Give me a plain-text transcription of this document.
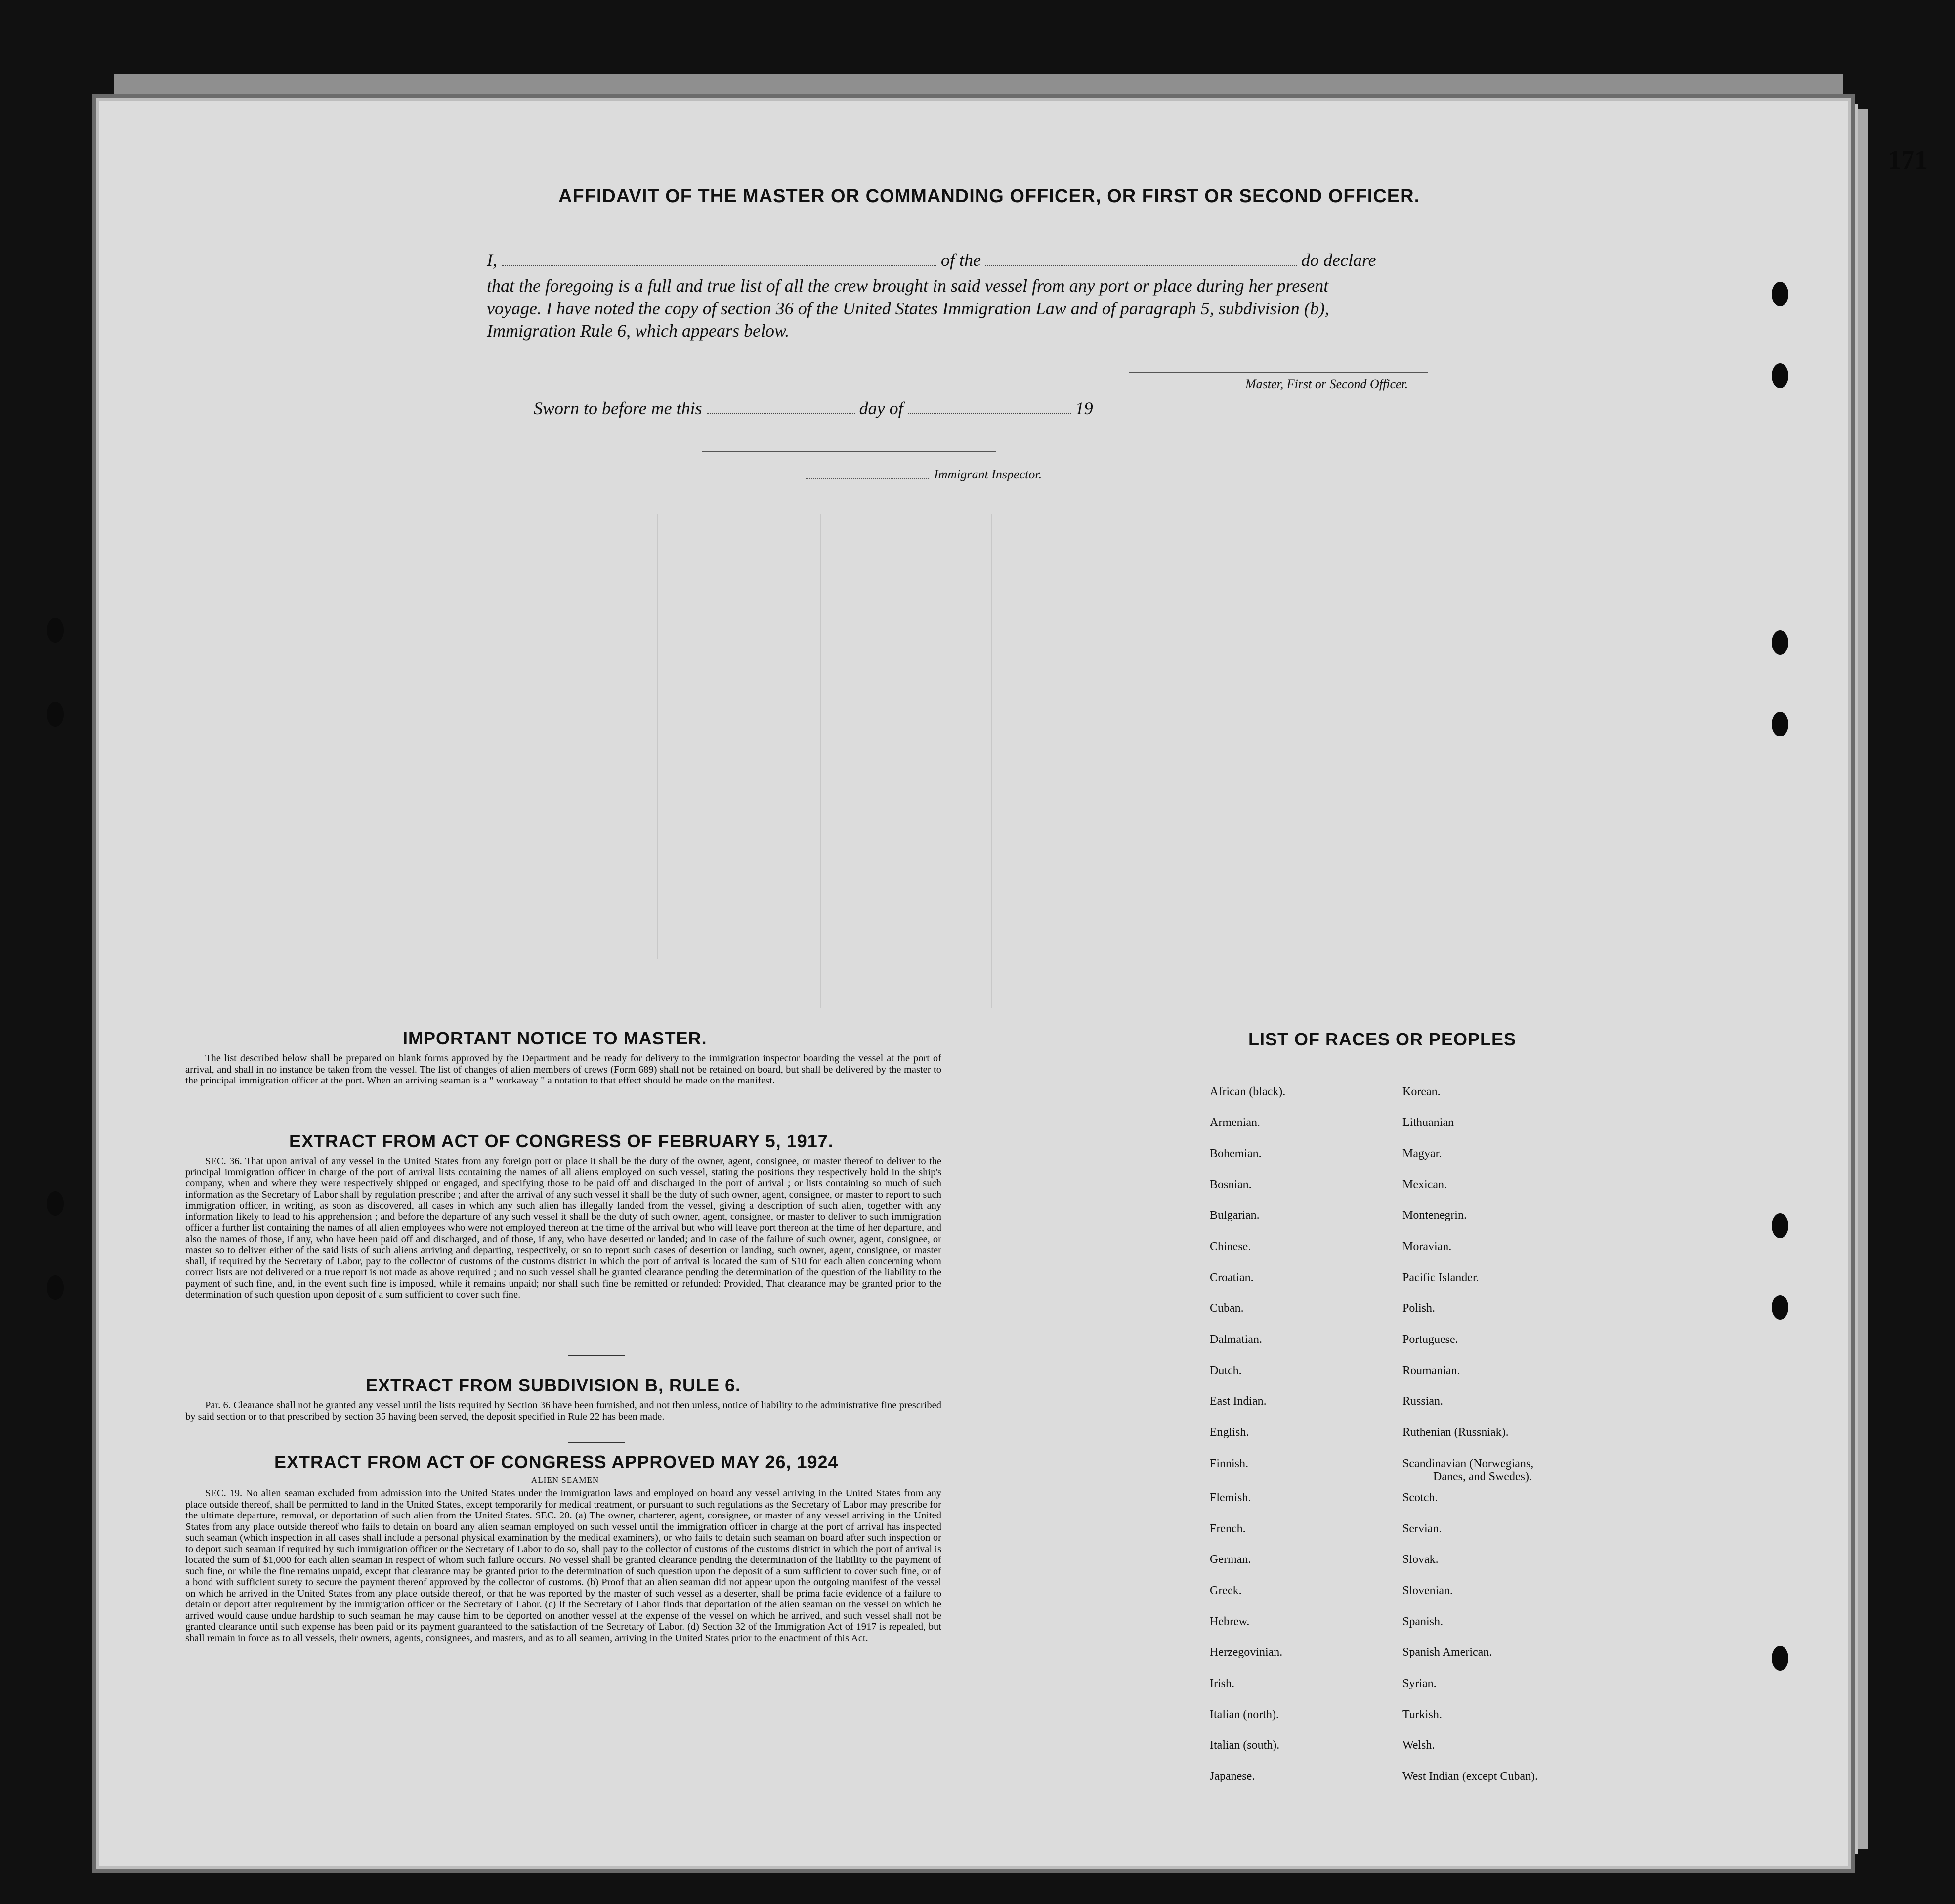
171
AFFIDAVIT OF THE MASTER OR COMMANDING OFFICER, OR FIRST OR SECOND OFFICER.
I,	of the	do declare
that the foregoing is a full and true list of all the crew brought in said vessel from any port or place during her present
voyage. I have noted the copy of section 36 of the United States Immigration Law and of paragraph 5, subdivision (b),
Immigration Rule 6, which appears below.
Master, First or Second Officer.
Sworn to before me this	day of	19
Immigrant Inspector.
IMPORTANT NOTICE TO MASTER.
The list described below shall be prepared on blank forms approved by the Department and be ready for delivery to the immigration inspector boarding the vessel at the port of arrival, and shall in no instance be taken from the vessel. The list of changes of alien members of crews (Form 689) shall not be retained on board, but shall be delivered by the master to the principal immigration officer at the port. When an arriving seaman is a " workaway " a notation to that effect should be made on the manifest.
EXTRACT FROM ACT OF CONGRESS OF FEBRUARY 5, 1917.
SEC. 36. That upon arrival of any vessel in the United States from any foreign port or place it shall be the duty of the owner, agent, consignee, or master thereof to deliver to the principal immigration officer in charge of the port of arrival lists containing the names of all aliens employed on such vessel, stating the positions they respectively hold in the ship's company, when and where they were respectively shipped or engaged, and specifying those to be paid off and discharged in the port of arrival ; or lists containing so much of such information as the Secretary of Labor shall by regulation prescribe ; and after the arrival of any such vessel it shall be the duty of such owner, agent, consignee, or master to report to such immigration officer, in writing, as soon as discovered, all cases in which any such alien has illegally landed from the vessel, giving a description of such alien, together with any information likely to lead to his apprehension ; and before the departure of any such vessel it shall be the duty of such owner, agent, consignee, or master to deliver to such immigration officer a further list containing the names of all alien employees who were not employed thereon at the time of the arrival but who will leave port thereon at the time of her departure, and also the names of those, if any, who have been paid off and discharged, and of those, if any, who have deserted or landed; and in case of the failure of such owner, agent, consignee, or master so to deliver either of the said lists of such aliens arriving and departing, respectively, or so to report such cases of desertion or landing, such owner, agent, consignee, or master shall, if required by the Secretary of Labor, pay to the collector of customs of the customs district in which the port of arrival is located the sum of $10 for each alien concerning whom correct lists are not delivered or a true report is not made as above required ; and no such vessel shall be granted clearance pending the determination of the question of the liability to the payment of such fine, and, in the event such fine is imposed, while it remains unpaid; nor shall such fine be remitted or refunded: Provided, That clearance may be granted prior to the determination of such question upon deposit of a sum sufficient to cover such fine.
EXTRACT FROM SUBDIVISION B, RULE 6.
Par. 6. Clearance shall not be granted any vessel until the lists required by Section 36 have been furnished, and not then unless, notice of liability to the administrative fine prescribed by said section or to that prescribed by section 35 having been served, the deposit specified in Rule 22 has been made.
EXTRACT FROM ACT OF CONGRESS APPROVED MAY 26, 1924
ALIEN SEAMEN
SEC. 19. No alien seaman excluded from admission into the United States under the immigration laws and employed on board any vessel arriving in the United States from any place outside thereof, shall be permitted to land in the United States, except temporarily for medical treatment, or pursuant to such regulations as the Secretary of Labor may prescribe for the ultimate departure, removal, or deportation of such alien from the United States. SEC. 20. (a) The owner, charterer, agent, consignee, or master of any vessel arriving in the United States from any place outside thereof who fails to detain on board any alien seaman employed on such vessel until the immigration officer in charge at the port of arrival has inspected such seaman (which inspection in all cases shall include a personal physical examination by the medical examiners), or who fails to detain such seaman on board after such inspection or to deport such seaman if required by such immigration officer or the Secretary of Labor to do so, shall pay to the collector of customs of the customs district in which the port of arrival is located the sum of $1,000 for each alien seaman in respect of whom such failure occurs. No vessel shall be granted clearance pending the determination of the liability to the payment of such fine, or while the fine remains unpaid, except that clearance may be granted prior to the determination of such question upon the deposit of a sum sufficient to cover such fine, or of a bond with sufficient surety to secure the payment thereof approved by the collector of customs. (b) Proof that an alien seaman did not appear upon the outgoing manifest of the vessel on which he arrived in the United States from any place outside thereof, or that he was reported by the master of such vessel as a deserter, shall be prima facie evidence of a failure to detain or deport after requirement by the immigration officer or the Secretary of Labor. (c) If the Secretary of Labor finds that deportation of the alien seaman on the vessel on which he arrived would cause undue hardship to such seaman he may cause him to be deported on another vessel at the expense of the vessel on which he arrived, and such vessel shall not be granted clearance until such expense has been paid or its payment guaranteed to the satisfaction of the Secretary of Labor. (d) Section 32 of the Immigration Act of 1917 is repealed, but shall remain in force as to all vessels, their owners, agents, consignees, and masters, and as to all seamen, arriving in the United States prior to the enactment of this Act.
LIST OF RACES OR PEOPLES
African (black).
Armenian.
Bohemian.
Bosnian.
Bulgarian.
Chinese.
Croatian.
Cuban.
Dalmatian.
Dutch.
East Indian.
English.
Finnish.
Flemish.
French.
German.
Greek.
Hebrew.
Herzegovinian.
Irish.
Italian (north).
Italian (south).
Japanese.
Korean.
Lithuanian
Magyar.
Mexican.
Montenegrin.
Moravian.
Pacific Islander.
Polish.
Portuguese.
Roumanian.
Russian.
Ruthenian (Russniak).
Scandinavian (Norwegians,
Danes, and Swedes).
Scotch.
Servian.
Slovak.
Slovenian.
Spanish.
Spanish American.
Syrian.
Turkish.
Welsh.
West Indian (except Cuban).
